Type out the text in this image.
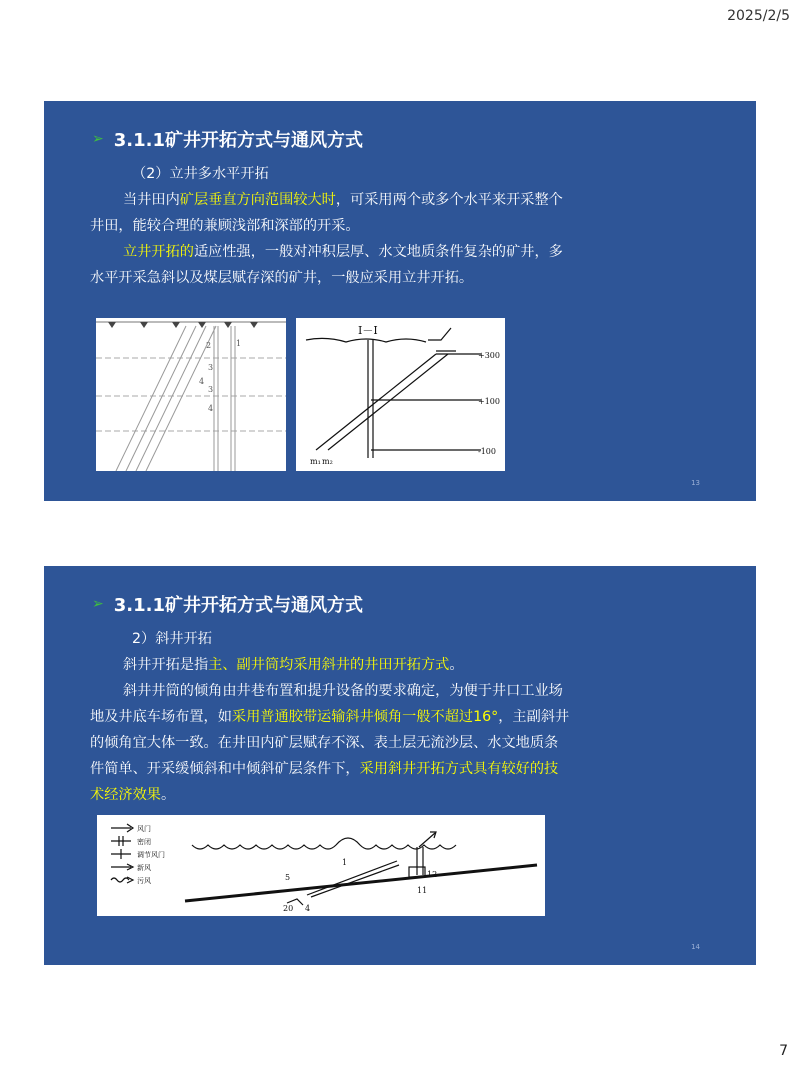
2025/2/5
➢ 3.1.1矿井开拓方式与通风方式

（2）立井多水平开拓

当井田内矿层垂直方向范围较大时，可采用两个或多个水平来开采整个井田，能较合理的兼顾浅部和深部的开采。

立井开拓的适应性强，一般对冲积层厚、水文地质条件复杂的矿井，多水平开采急斜以及煤层赋存深的矿井，一般应采用立井开拓。

2	1
3
4
3
4
I－I
+300
+100
-100
m₁ m₂
13
➢ 3.1.1矿井开拓方式与通风方式

2）斜井开拓

斜井开拓是指主、副井筒均采用斜井的井田开拓方式。

斜井井筒的倾角由井巷布置和提升设备的要求确定，为便于井口工业场地及井底车场布置，如采用普通胶带运输斜井倾角一般不超过16°，主副斜井的倾角宜大体一致。在井田内矿层赋存不深、表土层无流沙层、水文地质条件简单、开采缓倾斜和中倾斜矿层条件下，采用斜井开拓方式具有较好的技术经济效果。

风门
密闭
调节风门
新风
污风
1
5	12
11
20 4
14
7
